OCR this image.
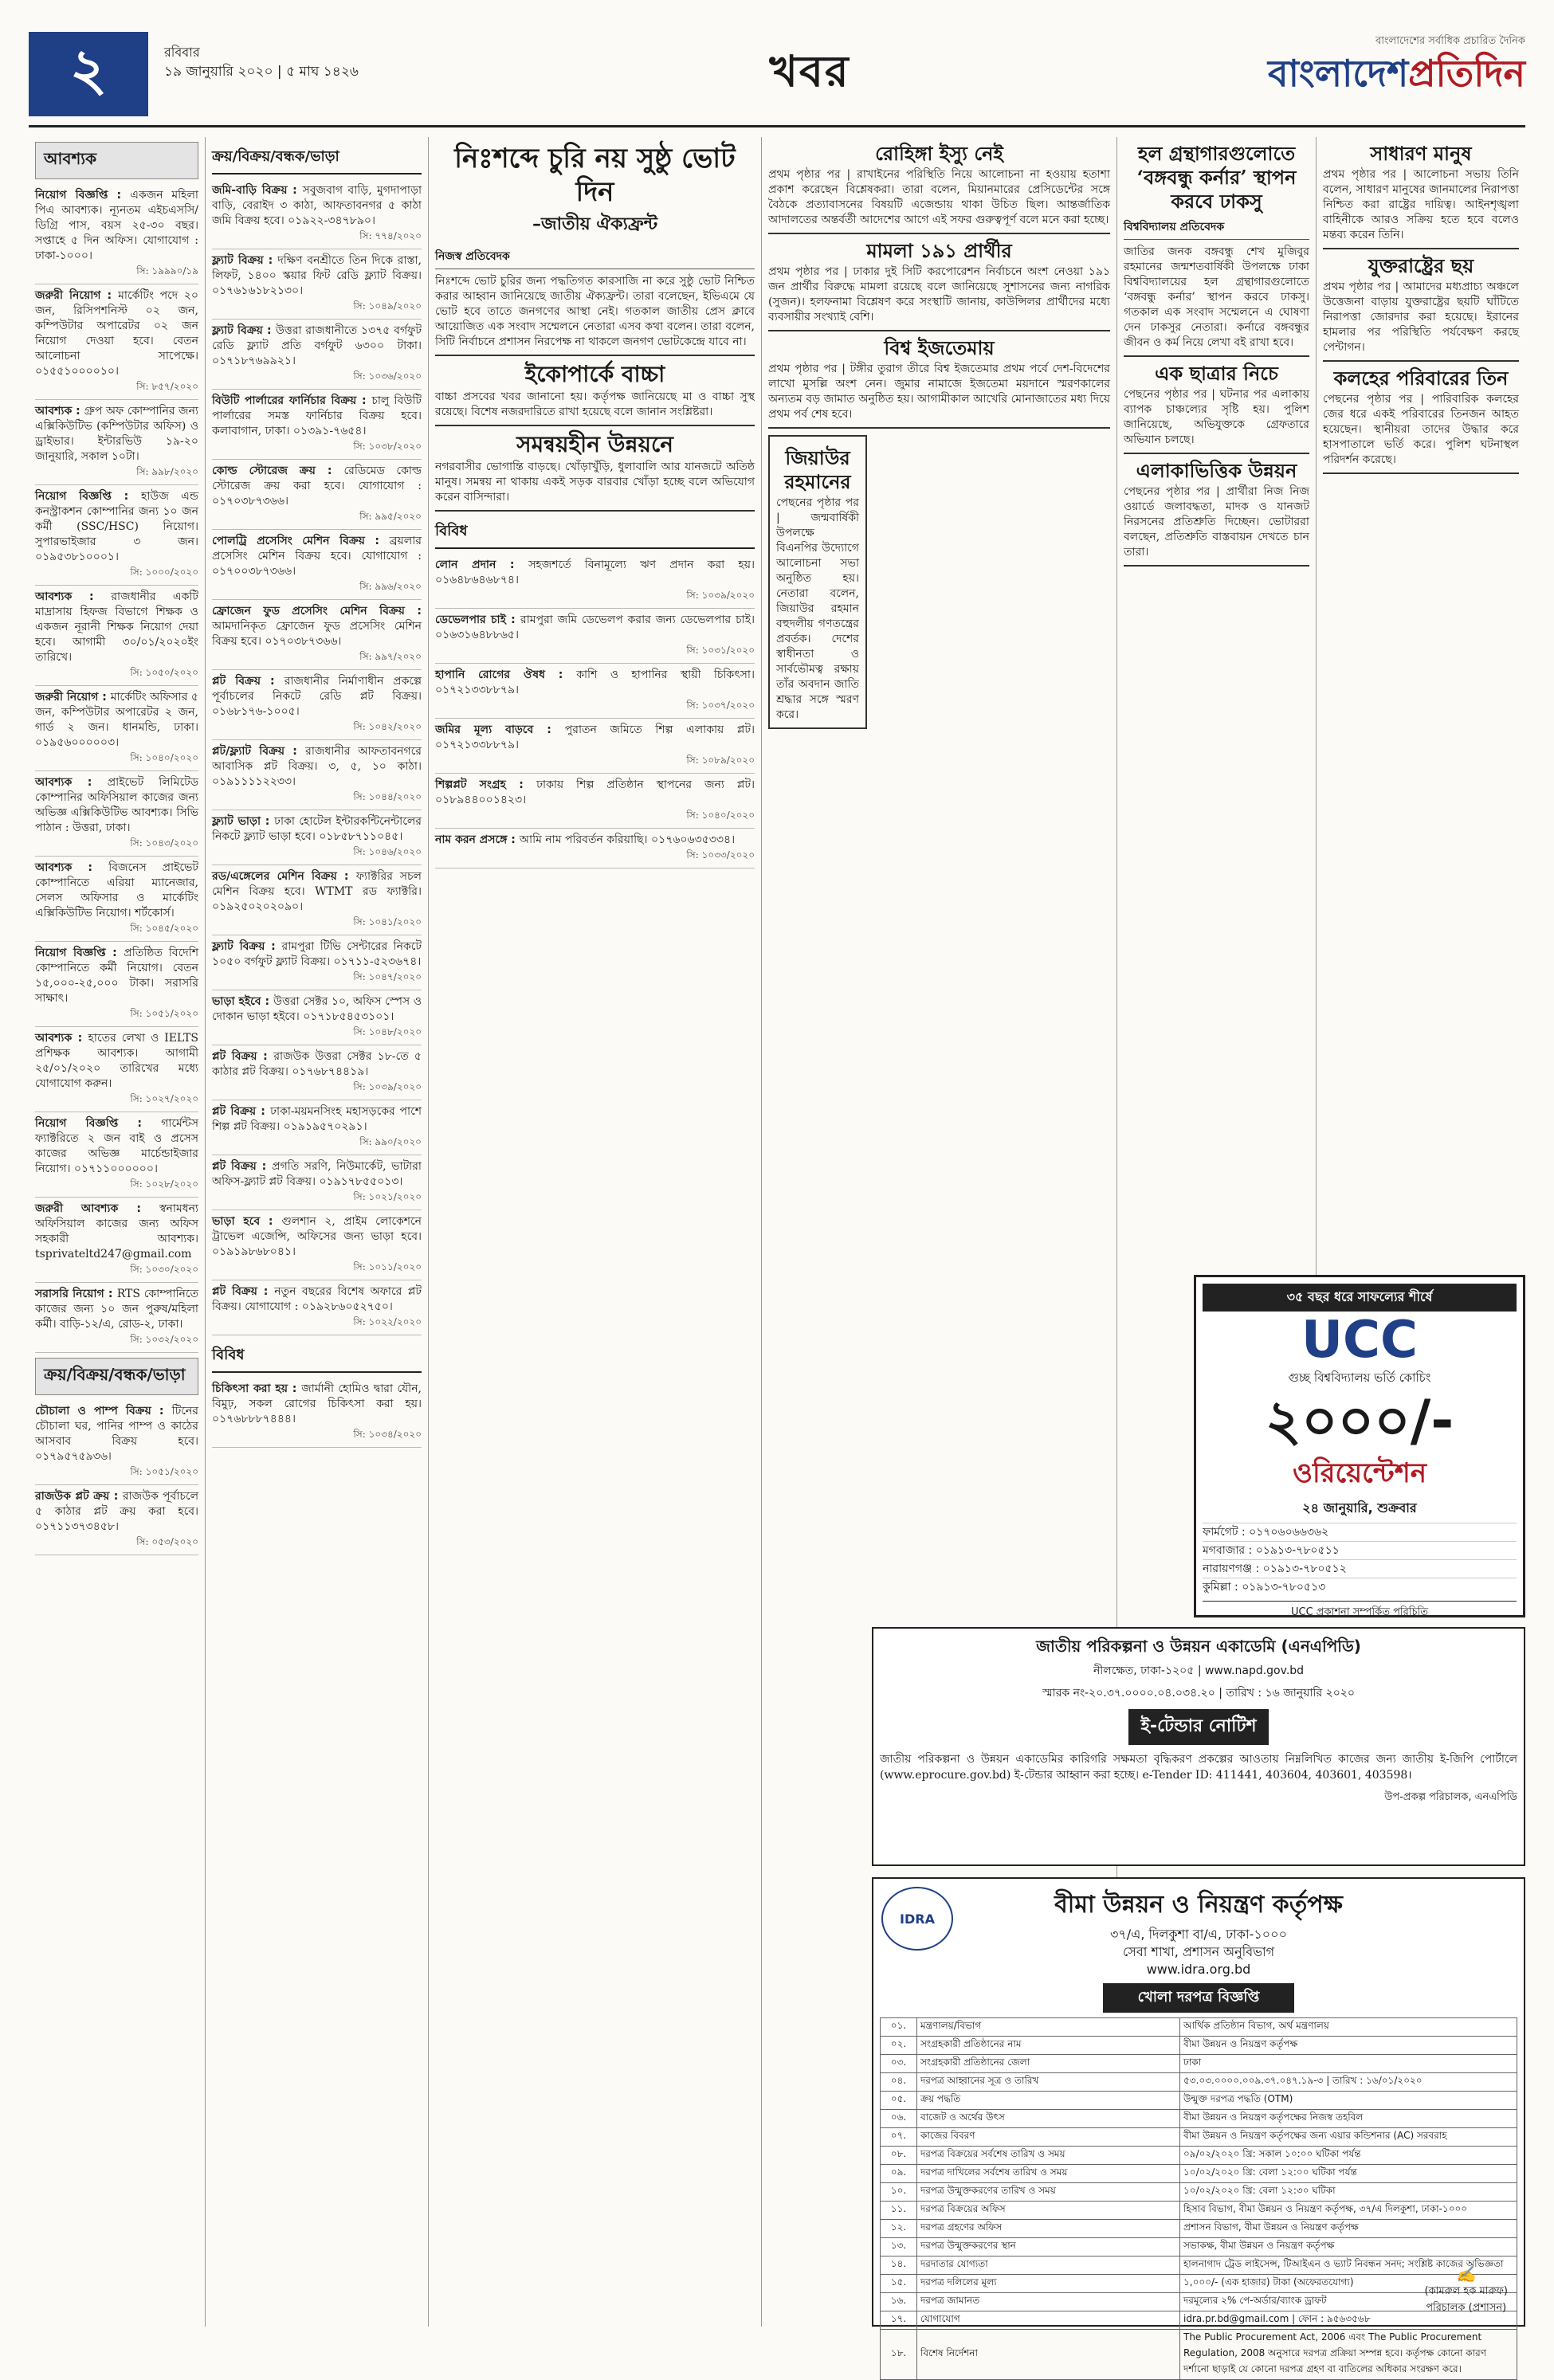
২	রবিবার
১৯ জানুয়ারি ২০২০ | ৫ মাঘ ১৪২৬	খবর
বাংলাদেশের সর্বাধিক প্রচারিত দৈনিক
বাংলাদেশপ্রতিদিন
আবশ্যক
নিয়োগ বিজ্ঞপ্তি : একজন মহিলা পিএ আবশ্যক। ন্যূনতম এইচএসসি/ডিগ্রি পাস, বয়স ২৫-৩০ বছর। সপ্তাহে ৫ দিন অফিস। যোগাযোগ : ঢাকা-১০০০।
সি: ১৯৯৯০/১৯
জরুরী নিয়োগ : মার্কেটিং পদে ২০ জন, রিসিপশনিস্ট ০২ জন, কম্পিউটার অপারেটর ০২ জন নিয়োগ দেওয়া হবে। বেতন আলোচনা সাপেক্ষে। ০১৫৫১০০০০১০।
সি: ৮৫৭/২০২০
আবশ্যক : গ্রুপ অফ কোম্পানির জন্য এক্সিকিউটিভ (কম্পিউটার অফিস) ও ড্রাইভার। ইন্টারভিউ ১৯-২০ জানুয়ারি, সকাল ১০টা।
সি: ৯৯৮/২০২০
নিয়োগ বিজ্ঞপ্তি : হাউজ এন্ড কনস্ট্রাকশন কোম্পানির জন্য ১০ জন কর্মী (SSC/HSC) নিয়োগ। সুপারভাইজার ৩ জন। ০১৯৫৩৮১০০০১।
সি: ১০০০/২০২০
আবশ্যক : রাজধানীর একটি মাদ্রাসায় হিফজ বিভাগে শিক্ষক ও একজন নূরানী শিক্ষক নিয়োগ দেয়া হবে। আগামী ৩০/০১/২০২০ইং তারিখে।
সি: ১০৫০/২০২০
জরুরী নিয়োগ : মার্কেটিং অফিসার ৫ জন, কম্পিউটার অপারেটর ২ জন, গার্ড ২ জন। ধানমন্ডি, ঢাকা। ০১৯৫৬০০০০০৩।
সি: ১০৪০/২০২০
আবশ্যক : প্রাইভেট লিমিটেড কোম্পানির অফিসিয়াল কাজের জন্য অভিজ্ঞ এক্সিকিউটিভ আবশ্যক। সিভি পাঠান : উত্তরা, ঢাকা।
সি: ১০৪৩/২০২০
আবশ্যক : বিজনেস প্রাইভেট কোম্পানিতে এরিয়া ম্যানেজার, সেলস অফিসার ও মার্কেটিং এক্সিকিউটিভ নিয়োগ। শর্টকোর্স।
সি: ১০৪৫/২০২০
নিয়োগ বিজ্ঞপ্তি : প্রতিষ্ঠিত বিদেশি কোম্পানিতে কর্মী নিয়োগ। বেতন ১৫,০০০-২৫,০০০ টাকা। সরাসরি সাক্ষাৎ।
সি: ১০৫১/২০২০
আবশ্যক : হাতের লেখা ও IELTS প্রশিক্ষক আবশ্যক। আগামী ২৫/০১/২০২০ তারিখের মধ্যে যোগাযোগ করুন।
সি: ১০২৭/২০২০
নিয়োগ বিজ্ঞপ্তি : গার্মেন্টস ফ্যাক্টরিতে ২ জন বাই ও প্রসেস কাজের অভিজ্ঞ মার্চেন্ডাইজার নিয়োগ। ০১৭১১০০০০০০।
সি: ১০২৮/২০২০
জরুরী আবশ্যক : স্বনামধন্য অফিসিয়াল কাজের জন্য অফিস সহকারী আবশ্যক। tsprivateltd247@gmail.com
সি: ১০৩০/২০২০
সরাসরি নিয়োগ : RTS কোম্পানিতে কাজের জন্য ১০ জন পুরুষ/মহিলা কর্মী। বাড়ি-১২/এ, রোড-২, ঢাকা।
সি: ১০৩২/২০২০
ক্রয়/বিক্রয়/বন্ধক/ভাড়া
চৌচালা ও পাম্প বিক্রয় : টিনের চৌচালা ঘর, পানির পাম্প ও কাঠের আসবাব বিক্রয় হবে। ০১৭৯৫৭৫৯৩৬।
সি: ১০৫১/২০২০
রাজউক প্লট ক্রয় : রাজউক পূর্বাচলে ৫ কাঠার প্লট ক্রয় করা হবে। ০১৭১১৩৭৩৪৫৮।
সি: ০৫৩/২০২০
ক্রয়/বিক্রয়/বন্ধক/ভাড়া
জমি-বাড়ি বিক্রয় : সবুজবাগ বাড়ি, মুগদাপাড়া বাড়ি, বেরাইদ ৩ কাঠা, আফতাবনগর ৫ কাঠা জমি বিক্রয় হবে। ০১৯২২-৩৪৭৮৯০।
সি: ৭৭৪/২০২০
ফ্ল্যাট বিক্রয় : দক্ষিণ বনশ্রীতে তিন দিকে রাস্তা, লিফট, ১৪০০ স্কয়ার ফিট রেডি ফ্ল্যাট বিক্রয়। ০১৭৬১৬১৮২১৩০।
সি: ১০৪৯/২০২০
ফ্ল্যাট বিক্রয় : উত্তরা রাজধানীতে ১৩৭৫ বর্গফুট রেডি ফ্ল্যাট প্রতি বর্গফুট ৬৩০০ টাকা। ০১৭১৮৭৬৯৯২১।
সি: ১০৩৬/২০২০
বিউটি পার্লারের ফার্নিচার বিক্রয় : চালু বিউটি পার্লারের সমস্ত ফার্নিচার বিক্রয় হবে। কলাবাগান, ঢাকা। ০১৩৯১-৭৬৫৪।
সি: ১০৩৮/২০২০
কোল্ড স্টোরেজ ক্রয় : রেডিমেড কোল্ড স্টোরেজ ক্রয় করা হবে। যোগাযোগ : ০১৭০৩৮৭৩৬৬।
সি: ৯৯৫/২০২০
পোলট্রি প্রসেসিং মেশিন বিক্রয় : ব্রয়লার প্রসেসিং মেশিন বিক্রয় হবে। যোগাযোগ : ০১৭০০৩৮৭৩৬৬।
সি: ৯৯৬/২০২০
ফ্রোজেন ফুড প্রসেসিং মেশিন বিক্রয় : আমদানিকৃত ফ্রোজেন ফুড প্রসেসিং মেশিন বিক্রয় হবে। ০১৭০৩৮৭৩৬৬।
সি: ৯৯৭/২০২০
প্লট বিক্রয় : রাজধানীর নির্মাণাধীন প্রকল্পে পূর্বাচলের নিকটে রেডি প্লট বিক্রয়। ০১৬৮১৭৬-১০০৫।
সি: ১০৪২/২০২০
প্লট/ফ্ল্যাট বিক্রয় : রাজধানীর আফতাবনগরে আবাসিক প্লট বিক্রয়। ৩, ৫, ১০ কাঠা। ০১৯১১১১২২৩৩।
সি: ১০৪৪/২০২০
ফ্ল্যাট ভাড়া : ঢাকা হোটেল ইন্টারকন্টিনেন্টালের নিকটে ফ্ল্যাট ভাড়া হবে। ০১৮৫৮৭১১০৪৫।
সি: ১০৪৬/২০২০
রড/এঙ্গেলের মেশিন বিক্রয় : ফ্যাক্টরির সচল মেশিন বিক্রয় হবে। WTMT রড ফ্যাক্টরি। ০১৯২৫০২০২০৯০।
সি: ১০৪১/২০২০
ফ্ল্যাট বিক্রয় : রামপুরা টিভি সেন্টারের নিকটে ১০৫০ বর্গফুট ফ্ল্যাট বিক্রয়। ০১৭১১-৫২৩৬৭৪।
সি: ১০৪৭/২০২০
ভাড়া হইবে : উত্তরা সেক্টর ১০, অফিস স্পেস ও দোকান ভাড়া হইবে। ০১৭১৮৫৪৫৩১০১।
সি: ১০৪৮/২০২০
প্লট বিক্রয় : রাজউক উত্তরা সেক্টর ১৮-তে ৫ কাঠার প্লট বিক্রয়। ০১৭৬৮৭৪৪১৯।
সি: ১০৩৯/২০২০
প্লট বিক্রয় : ঢাকা-ময়মনসিংহ মহাসড়কের পাশে শিল্প প্লট বিক্রয়। ০১৯১৯৫৭০২৯১।
সি: ৯৯০/২০২০
প্লট বিক্রয় : প্রগতি সরণি, নিউমার্কেট, ভাটারা অফিস-ফ্ল্যাট প্লট বিক্রয়। ০১৯১৭৮৫৫০১৩।
সি: ১০২১/২০২০
ভাড়া হবে : গুলশান ২, প্রাইম লোকেশনে ট্রাভেল এজেন্সি, অফিসের জন্য ভাড়া হবে। ০১৯১৯৮৬৮০৪১।
সি: ১০১১/২০২০
প্লট বিক্রয় : নতুন বছরের বিশেষ অফারে প্লট বিক্রয়। যোগাযোগ : ০১৯২৮৬০৫২৭৫০।
সি: ১০২২/২০২০
বিবিধ
চিকিৎসা করা হয় : জার্মানী হোমিও দ্বারা যৌন, বিমুঢ়, সকল রোগের চিকিৎসা করা হয়। ০১৭৬৮৮৮৭৪৪৪।
সি: ১০৩৪/২০২০
নিঃশব্দে চুরি নয় সুষ্ঠু ভোট দিন
–জাতীয় ঐক্যফ্রন্ট
নিজস্ব প্রতিবেদক
নিঃশব্দে ভোট চুরির জন্য পদ্ধতিগত কারসাজি না করে সুষ্ঠু ভোট নিশ্চিত করার আহ্বান জানিয়েছে জাতীয় ঐক্যফ্রন্ট। তারা বলেছেন, ইভিএমে যে ভোট হবে তাতে জনগণের আস্থা নেই। গতকাল জাতীয় প্রেস ক্লাবে আয়োজিত এক সংবাদ সম্মেলনে নেতারা এসব কথা বলেন। তারা বলেন, সিটি নির্বাচনে প্রশাসন নিরপেক্ষ না থাকলে জনগণ ভোটকেন্দ্রে যাবে না।
ইকোপার্কে বাচ্চা
বাচ্চা প্রসবের খবর জানানো হয়। কর্তৃপক্ষ জানিয়েছে মা ও বাচ্চা সুস্থ রয়েছে। বিশেষ নজরদারিতে রাখা হয়েছে বলে জানান সংশ্লিষ্টরা।
সমন্বয়হীন উন্নয়নে
নগরবাসীর ভোগান্তি বাড়ছে। খোঁড়াখুঁড়ি, ধুলাবালি আর যানজটে অতিষ্ঠ মানুষ। সমন্বয় না থাকায় একই সড়ক বারবার খোঁড়া হচ্ছে বলে অভিযোগ করেন বাসিন্দারা।
বিবিধ
লোন প্রদান : সহজশর্তে বিনামূল্যে ঋণ প্রদান করা হয়। ০১৬৪৮৬৪৬৮৭৪।
সি: ১০৩৯/২০২০
ডেভেলপার চাই : রামপুরা জমি ডেভেলপ করার জন্য ডেভেলপার চাই। ০১৬৩১৬৪৮৮৬৫।
সি: ১০৩১/২০২০
হাপানি রোগের ঔষধ : কাশি ও হাপানির স্থায়ী চিকিৎসা। ০১৭২১৩৩৮৮৭৯।
সি: ১০৩৭/২০২০
জমির মূল্য বাড়বে : পুরাতন জমিতে শিল্প এলাকায় প্লট। ০১৭২১৩৩৮৮৭৯।
সি: ১০৮৯/২০২০
শিল্পপ্লট সংগ্রহ : ঢাকায় শিল্প প্রতিষ্ঠান স্থাপনের জন্য প্লট। ০১৮৯৪৪০০১৪২৩।
সি: ১০৪০/২০২০
নাম করন প্রসঙ্গে : আমি নাম পরিবর্তন করিয়াছি। ০১৭৬০৬৩৫৩৩৪।
সি: ১০৩৩/২০২০
রোহিঙ্গা ইস্যু নেই
প্রথম পৃষ্ঠার পর | রাখাইনের পরিস্থিতি নিয়ে আলোচনা না হওয়ায় হতাশা প্রকাশ করেছেন বিশ্লেষকরা। তারা বলেন, মিয়ানমারের প্রেসিডেন্টের সঙ্গে বৈঠকে প্রত্যাবাসনের বিষয়টি এজেন্ডায় থাকা উচিত ছিল। আন্তর্জাতিক আদালতের অন্তর্বর্তী আদেশের আগে এই সফর গুরুত্বপূর্ণ বলে মনে করা হচ্ছে।
মামলা ১৯১ প্রার্থীর
প্রথম পৃষ্ঠার পর | ঢাকার দুই সিটি করপোরেশন নির্বাচনে অংশ নেওয়া ১৯১ জন প্রার্থীর বিরুদ্ধে মামলা রয়েছে বলে জানিয়েছে সুশাসনের জন্য নাগরিক (সুজন)। হলফনামা বিশ্লেষণ করে সংস্থাটি জানায়, কাউন্সিলর প্রার্থীদের মধ্যে ব্যবসায়ীর সংখ্যাই বেশি।
বিশ্ব ইজতেমায়
প্রথম পৃষ্ঠার পর | টঙ্গীর তুরাগ তীরে বিশ্ব ইজতেমার প্রথম পর্বে দেশ-বিদেশের লাখো মুসল্লি অংশ নেন। জুমার নামাজে ইজতেমা ময়দানে স্মরণকালের অন্যতম বড় জামাত অনুষ্ঠিত হয়। আগামীকাল আখেরি মোনাজাতের মধ্য দিয়ে প্রথম পর্ব শেষ হবে।
জিয়াউর রহমানের
পেছনের পৃষ্ঠার পর | জন্মবার্ষিকী উপলক্ষে বিএনপির উদ্যোগে আলোচনা সভা অনুষ্ঠিত হয়। নেতারা বলেন, জিয়াউর রহমান বহুদলীয় গণতন্ত্রের প্রবর্তক। দেশের স্বাধীনতা ও সার্বভৌমত্ব রক্ষায় তাঁর অবদান জাতি শ্রদ্ধার সঙ্গে স্মরণ করে।
হল গ্রন্থাগারগুলোতে ‘বঙ্গবন্ধু কর্নার’ স্থাপন করবে ঢাকসু
বিশ্ববিদ্যালয় প্রতিবেদক
জাতির জনক বঙ্গবন্ধু শেখ মুজিবুর রহমানের জন্মশতবার্ষিকী উপলক্ষে ঢাকা বিশ্ববিদ্যালয়ের হল গ্রন্থাগারগুলোতে ‘বঙ্গবন্ধু কর্নার’ স্থাপন করবে ঢাকসু। গতকাল এক সংবাদ সম্মেলনে এ ঘোষণা দেন ঢাকসুর নেতারা। কর্নারে বঙ্গবন্ধুর জীবন ও কর্ম নিয়ে লেখা বই রাখা হবে।
এক ছাত্রার নিচে
পেছনের পৃষ্ঠার পর | ঘটনার পর এলাকায় ব্যাপক চাঞ্চল্যের সৃষ্টি হয়। পুলিশ জানিয়েছে, অভিযুক্তকে গ্রেফতারে অভিযান চলছে।
এলাকাভিত্তিক উন্নয়ন
পেছনের পৃষ্ঠার পর | প্রার্থীরা নিজ নিজ ওয়ার্ডে জলাবদ্ধতা, মাদক ও যানজট নিরসনের প্রতিশ্রুতি দিচ্ছেন। ভোটাররা বলছেন, প্রতিশ্রুতি বাস্তবায়ন দেখতে চান তারা।
সাধারণ মানুষ
প্রথম পৃষ্ঠার পর | আলোচনা সভায় তিনি বলেন, সাধারণ মানুষের জানমালের নিরাপত্তা নিশ্চিত করা রাষ্ট্রের দায়িত্ব। আইনশৃঙ্খলা বাহিনীকে আরও সক্রিয় হতে হবে বলেও মন্তব্য করেন তিনি।
যুক্তরাষ্ট্রের ছয়
প্রথম পৃষ্ঠার পর | আমাদের মধ্যপ্রাচ্য অঞ্চলে উত্তেজনা বাড়ায় যুক্তরাষ্ট্রের ছয়টি ঘাঁটিতে নিরাপত্তা জোরদার করা হয়েছে। ইরানের হামলার পর পরিস্থিতি পর্যবেক্ষণ করছে পেন্টাগন।
কলহের পরিবারের তিন
পেছনের পৃষ্ঠার পর | পারিবারিক কলহের জের ধরে একই পরিবারের তিনজন আহত হয়েছেন। স্থানীয়রা তাদের উদ্ধার করে হাসপাতালে ভর্তি করে। পুলিশ ঘটনাস্থল পরিদর্শন করেছে।
৩৫ বছর ধরে সাফল্যের শীর্ষে
UCC
গুচ্ছ বিশ্ববিদ্যালয় ভর্তি কোচিং
২০০০/-
ওরিয়েন্টেশন
২৪ জানুয়ারি, শুক্রবার
ফার্মগেট : ০১৭০৬০৬৬৩৬২
মগবাজার : ০১৯১৩-৭৮০৫১১
নারায়ণগঞ্জ : ০১৯১৩-৭৮০৫১২
কুমিল্লা : ০১৯১৩-৭৮০৫১৩
UCC প্রকাশনা সম্পর্কিত পরিচিতি
জাতীয় পরিকল্পনা ও উন্নয়ন একাডেমি (এনএপিডি)
নীলক্ষেত, ঢাকা-১২০৫ | www.napd.gov.bd
স্মারক নং-২০.৩৭.০০০০.০৪.০৩৪.২০ | তারিখ : ১৬ জানুয়ারি ২০২০
ই-টেন্ডার নোটিশ
জাতীয় পরিকল্পনা ও উন্নয়ন একাডেমির কারিগরি সক্ষমতা বৃদ্ধিকরণ প্রকল্পের আওতায় নিম্নলিখিত কাজের জন্য জাতীয় ই-জিপি পোর্টালে (www.eprocure.gov.bd) ই-টেন্ডার আহ্বান করা হচ্ছে। e-Tender ID: 411441, 403604, 403601, 403598।
উপ-প্রকল্প পরিচালক, এনএপিডি
IDRA	বীমা উন্নয়ন ও নিয়ন্ত্রণ কর্তৃপক্ষ
৩৭/এ, দিলকুশা বা/এ, ঢাকা-১০০০
সেবা শাখা, প্রশাসন অনুবিভাগ
www.idra.org.bd
খোলা দরপত্র বিজ্ঞপ্তি
০১.	মন্ত্রণালয়/বিভাগ	আর্থিক প্রতিষ্ঠান বিভাগ, অর্থ মন্ত্রণালয়
০২.	সংগ্রহকারী প্রতিষ্ঠানের নাম	বীমা উন্নয়ন ও নিয়ন্ত্রণ কর্তৃপক্ষ
০৩.	সংগ্রহকারী প্রতিষ্ঠানের জেলা	ঢাকা
০৪.	দরপত্র আহ্বানের সূত্র ও তারিখ	৫৩.০৩.০০০০.০০৯.৩৭.০৪৭.১৯-৩ | তারিখ : ১৬/০১/২০২০
০৫.	ক্রয় পদ্ধতি	উন্মুক্ত দরপত্র পদ্ধতি (OTM)
০৬.	বাজেট ও অর্থের উৎস	বীমা উন্নয়ন ও নিয়ন্ত্রণ কর্তৃপক্ষের নিজস্ব তহবিল
০৭.	কাজের বিবরণ	বীমা উন্নয়ন ও নিয়ন্ত্রণ কর্তৃপক্ষের জন্য এয়ার কন্ডিশনার (AC) সরবরাহ
০৮.	দরপত্র বিক্রয়ের সর্বশেষ তারিখ ও সময়	০৯/০২/২০২০ খ্রি: সকাল ১০:০০ ঘটিকা পর্যন্ত
০৯.	দরপত্র দাখিলের সর্বশেষ তারিখ ও সময়	১০/০২/২০২০ খ্রি: বেলা ১২:০০ ঘটিকা পর্যন্ত
১০.	দরপত্র উন্মুক্তকরণের তারিখ ও সময়	১০/০২/২০২০ খ্রি: বেলা ১২:৩০ ঘটিকা
১১.	দরপত্র বিক্রয়ের অফিস	হিসাব বিভাগ, বীমা উন্নয়ন ও নিয়ন্ত্রণ কর্তৃপক্ষ, ৩৭/এ দিলকুশা, ঢাকা-১০০০
১২.	দরপত্র গ্রহণের অফিস	প্রশাসন বিভাগ, বীমা উন্নয়ন ও নিয়ন্ত্রণ কর্তৃপক্ষ
১৩.	দরপত্র উন্মুক্তকরণের স্থান	সভাকক্ষ, বীমা উন্নয়ন ও নিয়ন্ত্রণ কর্তৃপক্ষ
১৪.	দরদাতার যোগ্যতা	হালনাগাদ ট্রেড লাইসেন্স, টিআইএন ও ভ্যাট নিবন্ধন সনদ; সংশ্লিষ্ট কাজের অভিজ্ঞতা
১৫.	দরপত্র দলিলের মূল্য	১,০০০/- (এক হাজার) টাকা (অফেরতযোগ্য)
১৬.	দরপত্র জামানত	দরমূল্যের ২% পে-অর্ডার/ব্যাংক ড্রাফট
১৭.	যোগাযোগ	idra.pr.bd@gmail.com | ফোন : ৯৫৬৩৫৬৮
১৮.	বিশেষ নির্দেশনা	The Public Procurement Act, 2006 এবং The Public Procurement Regulation, 2008 অনুসারে দরপত্র প্রক্রিয়া সম্পন্ন হবে। কর্তৃপক্ষ কোনো কারণ দর্শানো ছাড়াই যে কোনো দরপত্র গ্রহণ বা বাতিলের অধিকার সংরক্ষণ করে।
✍
(কামরুল হক মারুফ)
পরিচালক (প্রশাসন)
